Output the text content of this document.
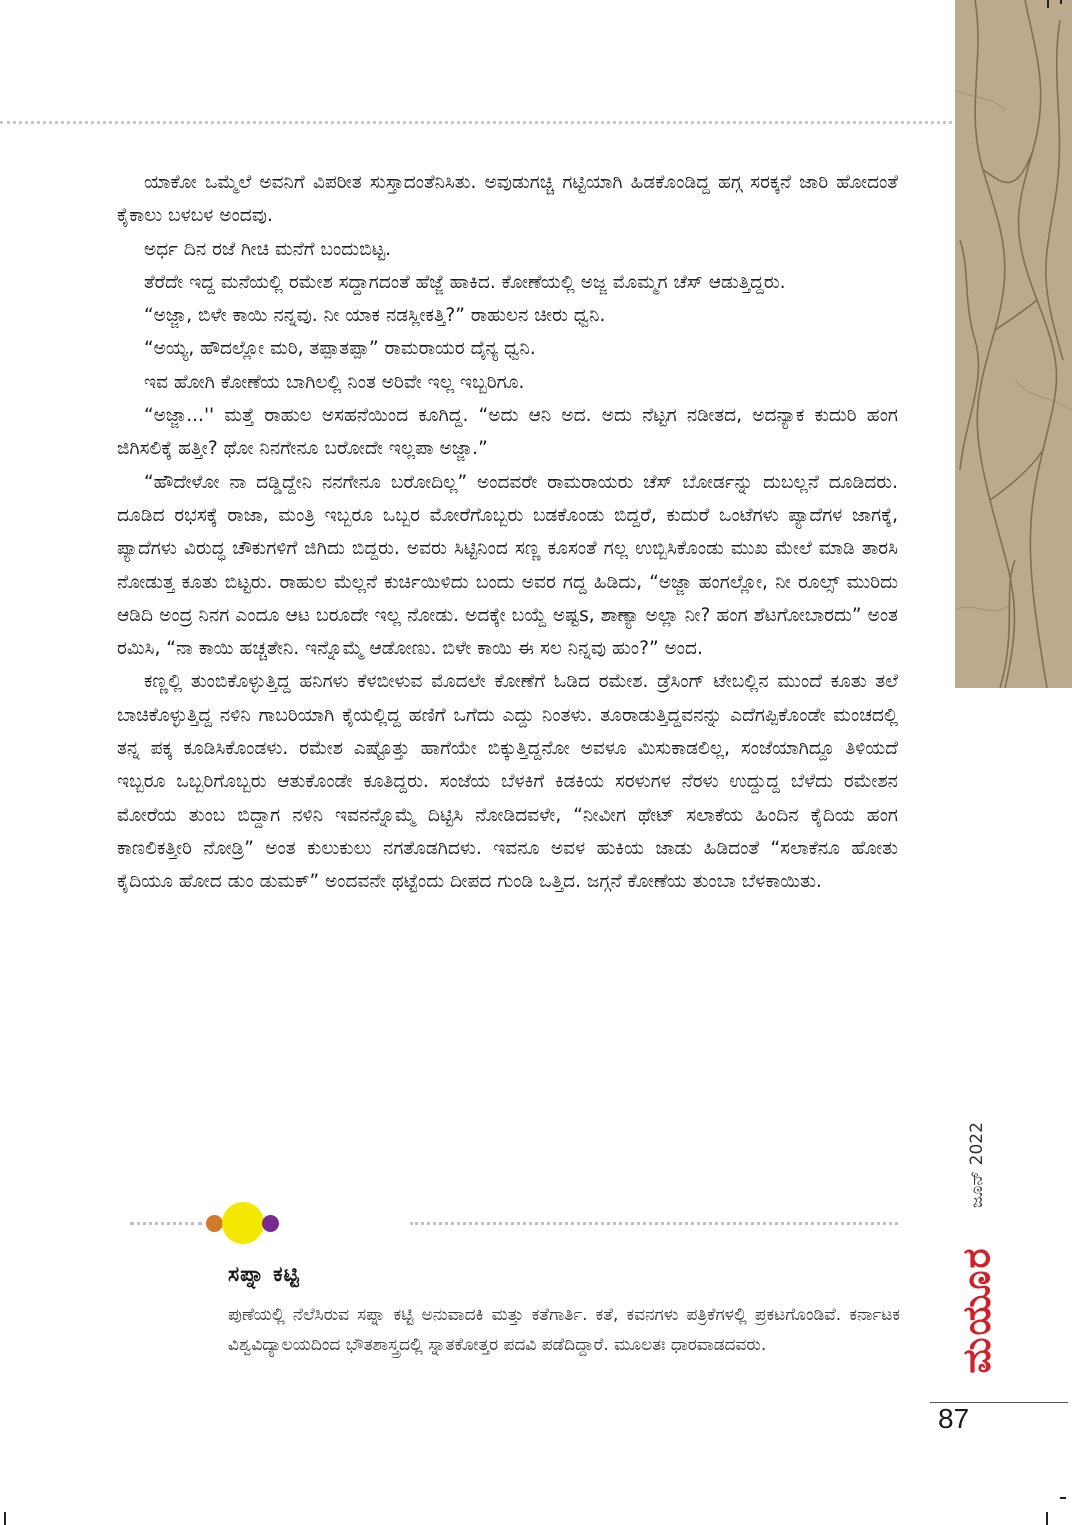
ಯಾಕೋ ಒಮ್ಮೆಲೆ ಅವನಿಗೆ ವಿಪರೀತ ಸುಸ್ತಾದಂತೆನಿಸಿತು. ಅವುಡುಗಚ್ಚಿ ಗಟ್ಟಿಯಾಗಿ ಹಿಡಕೊಂಡಿದ್ದ ಹಗ್ಗ ಸರಕ್ಕನೆ ಜಾರಿ ಹೋದಂತೆ ಕೈಕಾಲು ಬಳಬಳ ಅಂದವು.

ಅರ್ಧ ದಿನ ರಜೆ ಗೀಚಿ ಮನೆಗೆ ಬಂದುಬಿಟ್ಟ.

ತೆರೆದೇ ಇದ್ದ ಮನೆಯಲ್ಲಿ ರಮೇಶ ಸದ್ದಾಗದಂತೆ ಹೆಜ್ಜೆ ಹಾಕಿದ. ಕೋಣೆಯಲ್ಲಿ ಅಜ್ಜ ಮೊಮ್ಮಗ ಚೆಸ್ ಆಡುತ್ತಿದ್ದರು.

“ಅಜ್ಜಾ, ಬಿಳೇ ಕಾಯಿ ನನ್ನವು. ನೀ ಯಾಕ ನಡಸ್ಲೀಕತ್ತಿ?” ರಾಹುಲನ ಚೀರು ಧ್ವನಿ.

“ಅಯ್ಯ, ಹೌದಲ್ಲೋ ಮರಿ, ತಪ್ಪಾತಪ್ಪಾ” ರಾಮರಾಯರ ದೈನ್ಯ ಧ್ವನಿ.

ಇವ ಹೋಗಿ ಕೋಣೆಯ ಬಾಗಿಲಲ್ಲಿ ನಿಂತ ಅರಿವೇ ಇಲ್ಲ ಇಬ್ಬರಿಗೂ.

“ಅಜ್ಜಾ...'' ಮತ್ತೆ ರಾಹುಲ ಅಸಹನೆಯಿಂದ ಕೂಗಿದ್ದ. “ಅದು ಆನಿ ಅದ. ಅದು ನೆಟ್ಟಗ ನಡೀತದ, ಅದನ್ಯಾಕ ಕುದುರಿ ಹಂಗ ಜಿಗಿಸಲಿಕ್ಕೆ ಹತ್ತೀ? ಥೋ ನಿನಗೇನೂ ಬರೋದೇ ಇಲ್ಲಪಾ ಅಜ್ಜಾ.”

“ಹೌದೇಳೋ ನಾ ದಡ್ಡಿದ್ದೇನಿ ನನಗೇನೂ ಬರೋದಿಲ್ಲ” ಅಂದವರೇ ರಾಮರಾಯರು ಚೆಸ್ ಬೋರ್ಡನ್ನು ದುಬಲ್ಲನೆ ದೂಡಿದರು. ದೂಡಿದ ರಭಸಕ್ಕೆ ರಾಜಾ, ಮಂತ್ರಿ ಇಬ್ಬರೂ ಒಬ್ಬರ ಮೋರೆಗೊಬ್ಬರು ಬಡಕೊಂಡು ಬಿದ್ದರೆ, ಕುದುರೆ ಒಂಟೆಗಳು ಪ್ಯಾದೆಗಳ ಜಾಗಕ್ಕೆ, ಪ್ಯಾದೆಗಳು ವಿರುದ್ಧ ಚೌಕುಗಳಿಗೆ ಜಿಗಿದು ಬಿದ್ದರು. ಅವರು ಸಿಟ್ಟಿನಿಂದ ಸಣ್ಣ ಕೂಸಂತೆ ಗಲ್ಲ ಉಬ್ಬಿಸಿಕೊಂಡು ಮುಖ ಮೇಲೆ ಮಾಡಿ ತಾರಸಿ ನೋಡುತ್ತ ಕೂತು ಬಿಟ್ಟರು. ರಾಹುಲ ಮೆಲ್ಲನೆ ಕುರ್ಚಿಯಿಳಿದು ಬಂದು ಅವರ ಗದ್ದ ಹಿಡಿದು, “ಅಜ್ಜಾ ಹಂಗಲ್ಲೋ, ನೀ ರೂಲ್ಸ್ ಮುರಿದು ಆಡಿದಿ ಅಂದ್ರ ನಿನಗ ಎಂದೂ ಆಟ ಬರೂದೇ ಇಲ್ಲ ನೋಡು. ಅದಕ್ಕೇ ಬಯ್ದೆ ಅಷ್ಟs, ಶಾಣ್ಯಾ ಅಲ್ಲಾ ನೀ? ಹಂಗ ಶೆಟಗೋಬಾರದು” ಅಂತ ರಮಿಸಿ, “ನಾ ಕಾಯಿ ಹಚ್ಚತೇನಿ. ಇನ್ನೊಮ್ಮೆ ಆಡೋಣು. ಬಿಳೇ ಕಾಯಿ ಈ ಸಲ ನಿನ್ನವು ಹುಂ?” ಅಂದ.

ಕಣ್ಣಲ್ಲಿ ತುಂಬಿಕೊಳ್ಳುತ್ತಿದ್ದ ಹನಿಗಳು ಕೆಳಬೀಳುವ ಮೊದಲೇ ಕೋಣೆಗೆ ಓಡಿದ ರಮೇಶ. ಡ್ರೆಸಿಂಗ್ ಟೇಬಲ್ಲಿನ ಮುಂದೆ ಕೂತು ತಲೆ ಬಾಚಿಕೊಳ್ಳುತ್ತಿದ್ದ ನಳಿನಿ ಗಾಬರಿಯಾಗಿ ಕೈಯಲ್ಲಿದ್ದ ಹಣಿಗೆ ಒಗೆದು ಎದ್ದು ನಿಂತಳು. ತೂರಾಡುತ್ತಿದ್ದವನನ್ನು ಎದೆಗಪ್ಪಿಕೊಂಡೇ ಮಂಚದಲ್ಲಿ ತನ್ನ ಪಕ್ಕ ಕೂಡಿಸಿಕೊಂಡಳು. ರಮೇಶ ಎಷ್ಟೊತ್ತು ಹಾಗೆಯೇ ಬಿಕ್ಕುತ್ತಿದ್ದನೋ ಅವಳೂ ಮಿಸುಕಾಡಲಿಲ್ಲ, ಸಂಜೆಯಾಗಿದ್ದೂ ತಿಳಿಯದೆ ಇಬ್ಬರೂ ಒಬ್ಬರಿಗೊಬ್ಬರು ಆತುಕೊಂಡೇ ಕೂತಿದ್ದರು. ಸಂಜೆಯ ಬೆಳಕಿಗೆ ಕಿಡಕಿಯ ಸರಳುಗಳ ನೆರಳು ಉದ್ದುದ್ದ ಬೆಳೆದು ರಮೇಶನ ಮೋರೆಯ ತುಂಬ ಬಿದ್ದಾಗ ನಳಿನಿ ಇವನನ್ನೊಮ್ಮೆ ದಿಟ್ಟಿಸಿ ನೋಡಿದವಳೇ, “ನೀವೀಗ ಥೇಟ್ ಸಲಾಕೆಯ ಹಿಂದಿನ ಕೈದಿಯ ಹಂಗ ಕಾಣಲಿಕತ್ತೀರಿ ನೋಡ್ರಿ” ಅಂತ ಕುಲುಕುಲು ನಗತೊಡಗಿದಳು. ಇವನೂ ಅವಳ ಹುಕಿಯ ಜಾಡು ಹಿಡಿದಂತೆ “ಸಲಾಕೆನೂ ಹೋತು ಕೈದಿಯೂ ಹೋದ ಡುಂ ಡುಮಕ್” ಅಂದವನೇ ಥಟ್ಟೆಂದು ದೀಪದ ಗುಂಡಿ ಒತ್ತಿದ. ಜಗ್ಗನೆ ಕೋಣೆಯ ತುಂಬಾ ಬೆಳಕಾಯಿತು.

ಸಪ್ನಾ ಕಟ್ಟಿ
ಪುಣೆಯಲ್ಲಿ ನೆಲೆಸಿರುವ ಸಪ್ನಾ ಕಟ್ಟಿ ಅನುವಾದಕಿ ಮತ್ತು ಕತೆಗಾರ್ತಿ. ಕತೆ, ಕವನಗಳು ಪತ್ರಿಕೆಗಳಲ್ಲಿ ಪ್ರಕಟಗೊಂಡಿವೆ. ಕರ್ನಾಟಕ ವಿಶ್ವವಿದ್ಯಾಲಯದಿಂದ ಭೌತಶಾಸ್ತ್ರದಲ್ಲಿ ಸ್ನಾತಕೋತ್ತರ ಪದವಿ ಪಡೆದಿದ್ದಾರೆ. ಮೂಲತಃ ಧಾರವಾಡದವರು.
ಜೂನ್ 2022
ಮಯೂರ
87
